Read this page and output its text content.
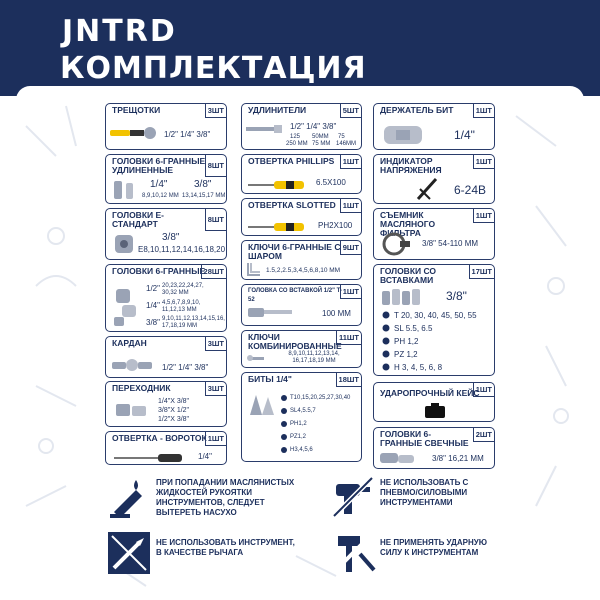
JNTRD
КОМПЛЕКТАЦИЯ
ТРЕЩОТКИ	3ШТ
1/2" 1/4" 3/8"
ГОЛОВКИ 6-ГРАННЫЕ УДЛИНЕННЫЕ	8ШТ
1/4"
8,9,10,12 ММ
3/8"
13,14,15,17 ММ
ГОЛОВКИ Е-СТАНДАРТ	8ШТ
3/8"
E8,10,11,12,14,16,18,20
ГОЛОВКИ 6-ГРАННЫЕ
28ШТ
1/2" 20,23,22,24,27, 30,32 ММ
1/4" 4,5,6,7,8,9,10, 11,12,13 ММ
3/8" 9,10,11,12,13,14,15,16, 17,18,19 ММ
КАРДАН	3ШТ
1/2" 1/4" 3/8"
ПЕРЕХОДНИК	3ШТ
1/4"Х 3/8"
3/8"Х 1/2"
1/2"Х 3/8"
ОТВЕРТКА - ВОРОТОК 1ШТ
1/4"
УДЛИНИТЕЛИ	5ШТ
1/2" 1/4" 3/8"
125 50ММ 75
250 ММ 75 ММ 146ММ
ОТВЕРТКА PHILLIPS	1ШТ
6.5Х100
ОТВЕРТКА SLOTTED 1ШТ
PH2Х100
КЛЮЧИ 6-ГРАННЫЕ С ШАРОМ
9ШТ
1.5,2,2.5,3,4,5,6,8,10 ММ
ГОЛОВКА СО ВСТАВКОЙ 1/2" T-52
1ШТ
100 ММ
КЛЮЧИ КОМБИНИРОВАННЫЕ
11ШТ
8,9,10,11,12,13,14, 16,17,18,19 ММ
БИТЫ 1/4"	18ШТ
T10,15,20,25,27,30,40
SL4,5.5,7
PH1,2
PZ1,2
H3,4,5,6
ДЕРЖАТЕЛЬ БИТ	1ШТ
1/4"
ИНДИКАТОР НАПРЯЖЕНИЯ
1ШТ
6-24В
СЪЕМНИК МАСЛЯНОГО ФИЛЬТРА
1ШТ
3/8" 54-110 ММ
ГОЛОВКИ СО ВСТАВКАМИ
17ШТ
3/8"
T 20, 30, 40, 45, 50, 55
SL 5.5, 6.5
PH 1,2
PZ 1,2
H 3, 4, 5, 6, 8
УДАРОПРОЧНЫЙ КЕЙС
1ШТ
ГОЛОВКИ 6-ГРАННЫЕ СВЕЧНЫЕ
2ШТ
3/8" 16,21 ММ
ПРИ ПОПАДАНИИ МАСЛЯНИСТЫХ ЖИДКОСТЕЙ РУКОЯТКИ ИНСТРУМЕНТОВ, СЛЕДУЕТ ВЫТЕРЕТЬ НАСУХО
НЕ ИСПОЛЬЗОВАТЬ С ПНЕВМО/СИЛОВЫМИ ИНСТРУМЕНТАМИ
НЕ ИСПОЛЬЗОВАТЬ ИНСТРУМЕНТ, В КАЧЕСТВЕ РЫЧАГА
НЕ ПРИМЕНЯТЬ УДАРНУЮ СИЛУ К ИНСТРУМЕНТАМ
